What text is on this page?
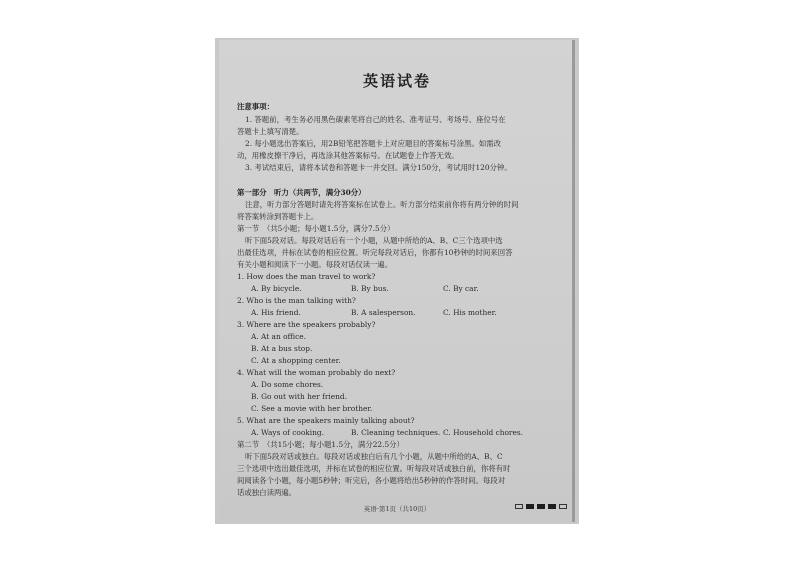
英语试卷
注意事项：
1. 答题前，考生务必用黑色碳素笔将自己的姓名、准考证号、考场号、座位号在
答题卡上填写清楚。
2. 每小题选出答案后，用2B铅笔把答题卡上对应题目的答案标号涂黑。如需改
动，用橡皮擦干净后，再选涂其他答案标号。在试题卷上作答无效。
3. 考试结束后，请将本试卷和答题卡一并交回。满分150分，考试用时120分钟。
第一部分　听力（共两节，满分30分）
注意，听力部分答题时请先将答案标在试卷上。听力部分结束前你将有两分钟的时间
将答案转涂到答题卡上。
第一节　（共5小题；每小题1.5分，满分7.5分）
听下面5段对话。每段对话后有一个小题，从题中所给的A、B、C三个选项中选
出最佳选项，并标在试卷的相应位置。听完每段对话后，你都有10秒钟的时间来回答
有关小题和阅读下一小题。每段对话仅读一遍。
1. How does the man travel to work?
A. By bicycle.	B. By bus.	C. By car.
2. Who is the man talking with?
A. His friend.	B. A salesperson.	C. His mother.
3. Where are the speakers probably?
A. At an office.
B. At a bus stop.
C. At a shopping center.
4. What will the woman probably do next?
A. Do some chores.
B. Go out with her friend.
C. See a movie with her brother.
5. What are the speakers mainly talking about?
A. Ways of cooking.	B. Cleaning techniques. C. Household chores.
第二节　（共15小题；每小题1.5分，满分22.5分）
听下面5段对话或独白。每段对话或独白后有几个小题，从题中所给的A、B、C
三个选项中选出最佳选项，并标在试卷的相应位置。听每段对话或独白前，你将有时
间阅读各个小题，每小题5秒钟；听完后，各小题将给出5秒钟的作答时间。每段对
话或独白读两遍。
英语·第1页（共10页）
